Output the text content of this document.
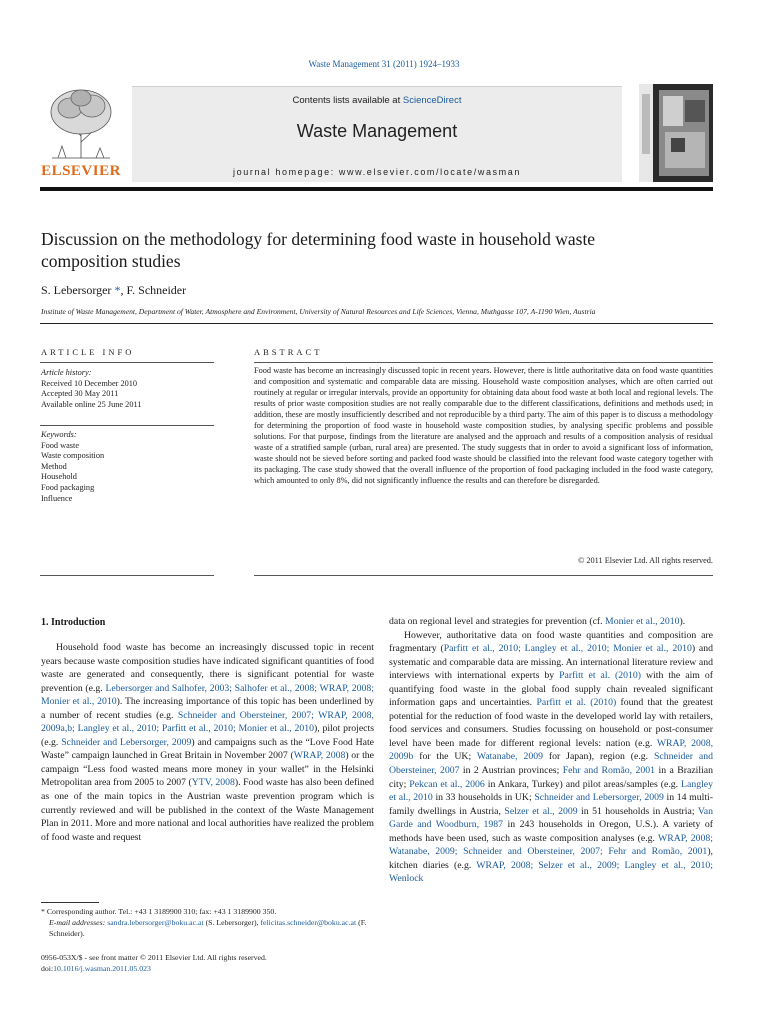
Waste Management 31 (2011) 1924–1933
ELSEVIER
Contents lists available at ScienceDirect
Waste Management
journal homepage: www.elsevier.com/locate/wasman
Discussion on the methodology for determining food waste in household waste composition studies
S. Lebersorger *, F. Schneider
Institute of Waste Management, Department of Water, Atmosphere and Environment, University of Natural Resources and Life Sciences, Vienna, Muthgasse 107, A-1190 Wien, Austria
ARTICLE INFO	ABSTRACT
Article history:
Received 10 December 2010
Accepted 30 May 2011
Available online 25 June 2011
Keywords:
Food waste
Waste composition
Method
Household
Food packaging
Influence
Food waste has become an increasingly discussed topic in recent years. However, there is little authoritative data on food waste quantities and composition and systematic and comparable data are missing. Household waste composition analyses, which are often carried out routinely at regular or irregular intervals, provide an opportunity for obtaining data about food waste at both local and regional levels. The results of prior waste composition studies are not really comparable due to the different classifications, definitions and methods used; in addition, these are mostly insufficiently described and not reproducible by a third party. The aim of this paper is to discuss a methodology for determining the proportion of food waste in household waste composition studies, by analysing specific problems and possible solutions. For that purpose, findings from the literature are analysed and the approach and results of a composition analysis of residual waste of a stratified sample (urban, rural area) are presented. The study suggests that in order to avoid a significant loss of information, waste should not be sieved before sorting and packed food waste should be classified into the relevant food waste category together with its packaging. The case study showed that the overall influence of the proportion of food packaging included in the food waste category, which amounted to only 8%, did not significantly influence the results and can therefore be disregarded.
© 2011 Elsevier Ltd. All rights reserved.
1. Introduction

Household food waste has become an increasingly discussed topic in recent years because waste composition studies have indicated significant quantities of food waste are generated and consequently, there is significant potential for waste prevention (e.g. Lebersorger and Salhofer, 2003; Salhofer et al., 2008; WRAP, 2008; Monier et al., 2010). The increasing importance of this topic has been underlined by a number of recent studies (e.g. Schneider and Obersteiner, 2007; WRAP, 2008, 2009a,b; Langley et al., 2010; Parfitt et al., 2010; Monier et al., 2010), pilot projects (e.g. Schneider and Lebersorger, 2009) and campaigns such as the “Love Food Hate Waste” campaign launched in Great Britain in November 2007 (WRAP, 2008) or the campaign “Less food wasted means more money in your wallet” in the Helsinki Metropolitan area from 2005 to 2007 (YTV, 2008). Food waste has also been defined as one of the main topics in the Austrian waste prevention program which is currently reviewed and will be published in the context of the Waste Management Plan in 2011. More and more national and local authorities have realized the problem of food waste and request

data on regional level and strategies for prevention (cf. Monier et al., 2010).

However, authoritative data on food waste quantities and composition are fragmentary (Parfitt et al., 2010; Langley et al., 2010; Monier et al., 2010) and systematic and comparable data are missing. An international literature review and interviews with international experts by Parfitt et al. (2010) with the aim of quantifying food waste in the global food supply chain revealed significant information gaps and uncertainties. Parfitt et al. (2010) found that the greatest potential for the reduction of food waste in the developed world lay with retailers, food services and consumers. Studies focussing on household or post-consumer level have been made for different regional levels: nation (e.g. WRAP, 2008, 2009b for the UK; Watanabe, 2009 for Japan), region (e.g. Schneider and Obersteiner, 2007 in 2 Austrian provinces; Fehr and Romão, 2001 in a Brazilian city; Pekcan et al., 2006 in Ankara, Turkey) and pilot areas/samples (e.g. Langley et al., 2010 in 33 households in UK; Schneider and Lebersorger, 2009 in 14 multi-family dwellings in Austria, Selzer et al., 2009 in 51 households in Austria; Van Garde and Woodburn, 1987 in 243 households in Oregon, U.S.). A variety of methods have been used, such as waste composition analyses (e.g. WRAP, 2008; Watanabe, 2009; Schneider and Obersteiner, 2007; Fehr and Romão, 2001), kitchen diaries (e.g. WRAP, 2008; Selzer et al., 2009; Langley et al., 2010; Wenlock

* Corresponding author. Tel.: +43 1 3189900 310; fax: +43 1 3189900 350.
E-mail addresses: sandra.lebersorger@boku.ac.at (S. Lebersorger), felicitas.schneider@boku.ac.at (F. Schneider).
0956-053X/$ - see front matter © 2011 Elsevier Ltd. All rights reserved.
doi:10.1016/j.wasman.2011.05.023
